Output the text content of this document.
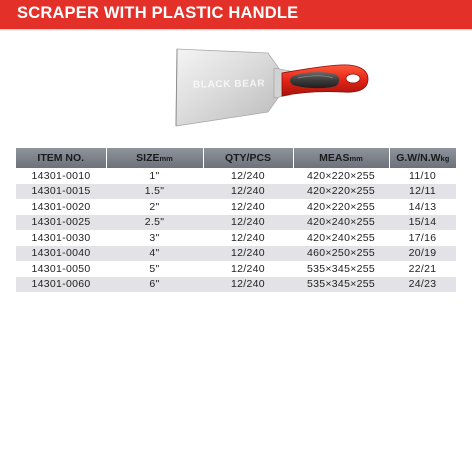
SCRAPER WITH PLASTIC HANDLE
BLACK BEAR
ITEM NO.	SIZEmm	QTY/PCS	MEASmm	G.W/N.Wkg
14301-0010	1"	12/240	420×220×255	11/10
14301-0015	1.5"	12/240	420×220×255	12/11
14301-0020	2"	12/240	420×220×255	14/13
14301-0025	2.5"	12/240	420×240×255	15/14
14301-0030	3"	12/240	420×240×255	17/16
14301-0040	4"	12/240	460×250×255	20/19
14301-0050	5"	12/240	535×345×255	22/21
14301-0060	6"	12/240	535×345×255	24/23
